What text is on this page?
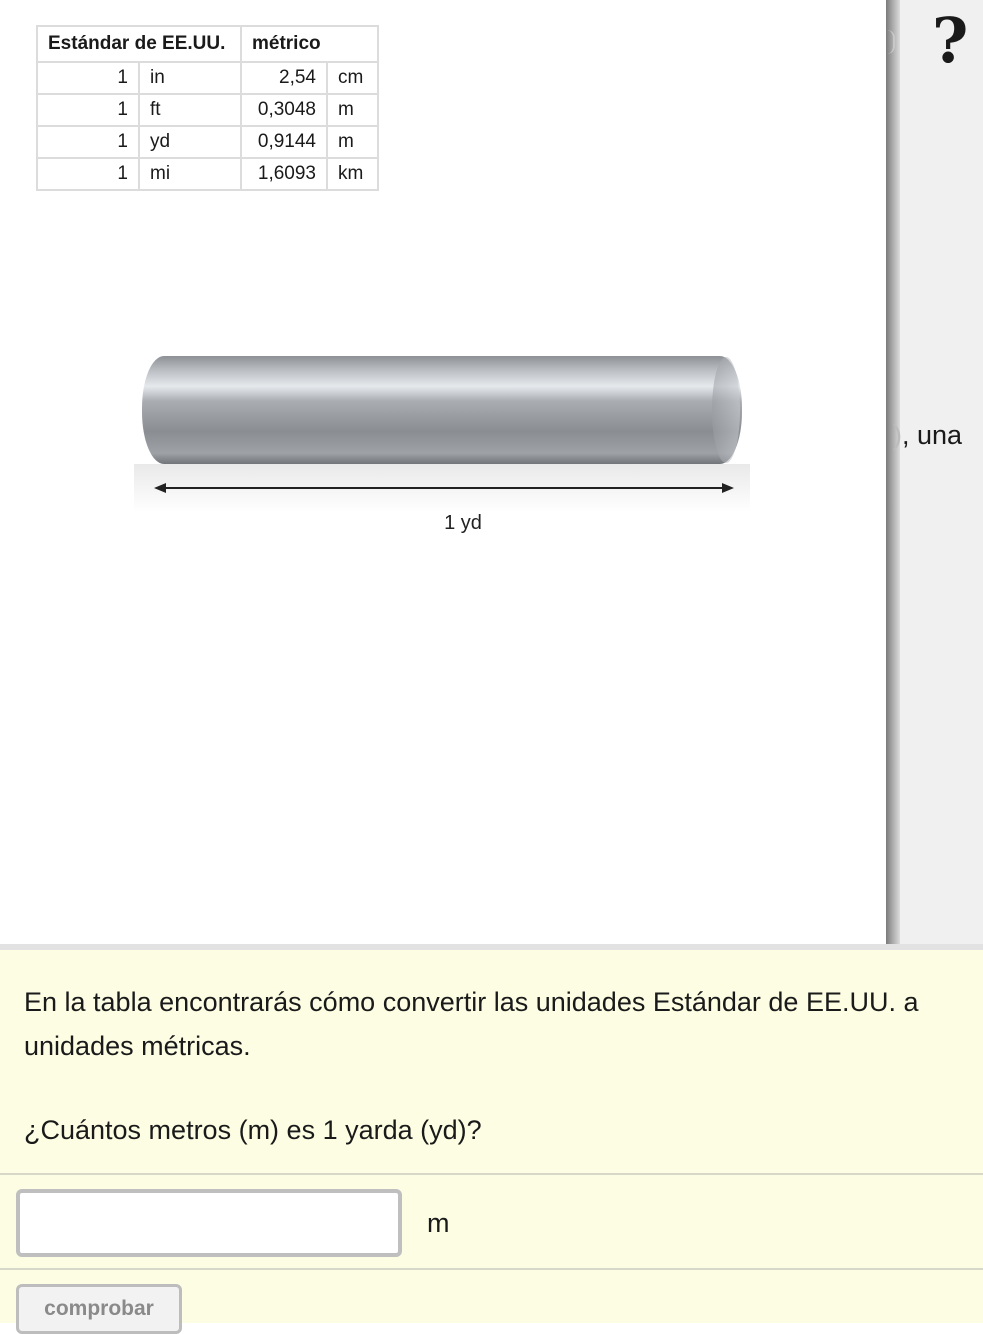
Estándar de EE.UU.		métrico	
1	in	2,54	cm
1	ft	0,3048	m
1	yd	0,9144	m
1	mi	1,6093	km
1 yd
?
), una

En la tabla encontrarás cómo convertir las unidades Estándar de EE.UU. a unidades métricas.

¿Cuántos metros (m) es 1 yarda (yd)?

m
comprobar
